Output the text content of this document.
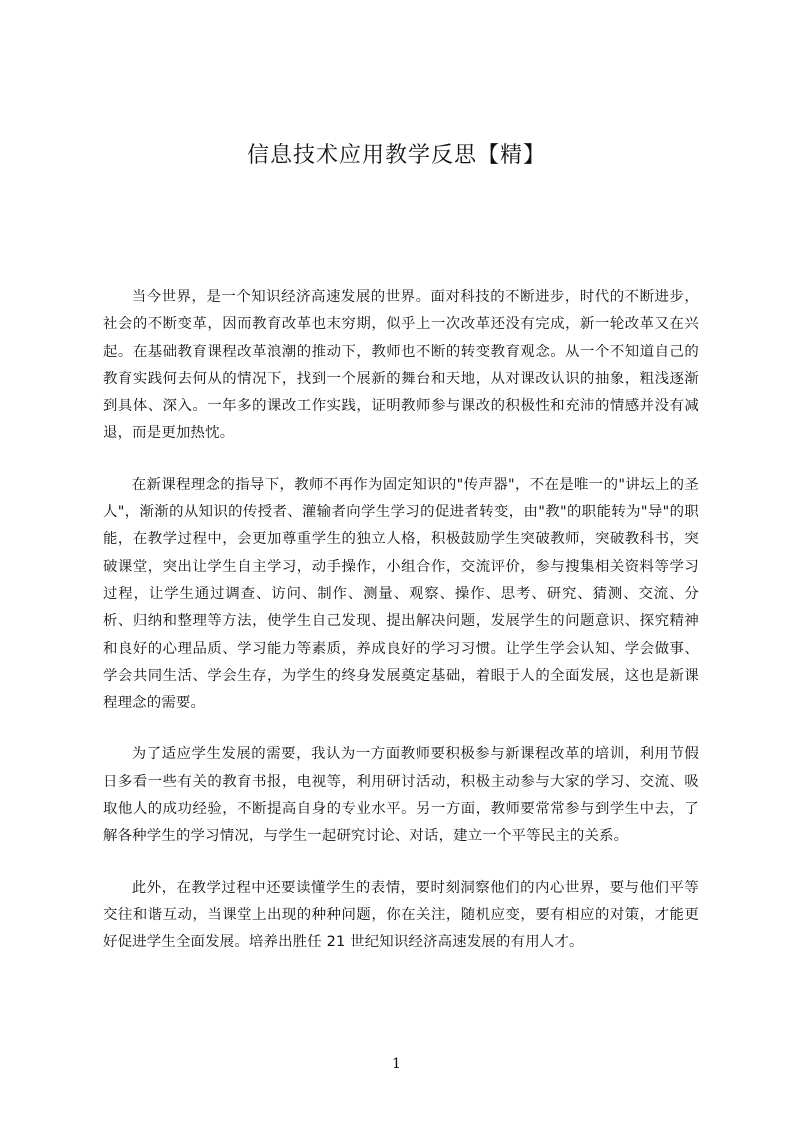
信息技术应用教学反思【精】

当今世界，是一个知识经济高速发展的世界。面对科技的不断进步，时代的不断进步，社会的不断变革，因而教育改革也末穷期，似乎上一次改革还没有完成，新一轮改革又在兴起。在基础教育课程改革浪潮的推动下，教师也不断的转变教育观念。从一个不知道自己的教育实践何去何从的情况下，找到一个展新的舞台和天地，从对课改认识的抽象，粗浅逐渐到具体、深入。一年多的课改工作实践，证明教师参与课改的积极性和充沛的情感并没有减退，而是更加热忱。

在新课程理念的指导下，教师不再作为固定知识的"传声器"，不在是唯一的"讲坛上的圣人"，渐渐的从知识的传授者、灌输者向学生学习的促进者转变，由"教"的职能转为"导"的职能，在教学过程中，会更加尊重学生的独立人格，积极鼓励学生突破教师，突破教科书，突破课堂，突出让学生自主学习，动手操作，小组合作，交流评价，参与搜集相关资料等学习过程，让学生通过调查、访问、制作、测量、观察、操作、思考、研究、猜测、交流、分析、归纳和整理等方法，使学生自己发现、提出解决问题，发展学生的问题意识、探究精神和良好的心理品质、学习能力等素质，养成良好的学习习惯。让学生学会认知、学会做事、学会共同生活、学会生存，为学生的终身发展奠定基础，着眼于人的全面发展，这也是新课程理念的需要。

为了适应学生发展的需要，我认为一方面教师要积极参与新课程改革的培训，利用节假日多看一些有关的教育书报，电视等，利用研讨活动，积极主动参与大家的学习、交流、吸取他人的成功经验，不断提高自身的专业水平。另一方面，教师要常常参与到学生中去，了解各种学生的学习情况，与学生一起研究讨论、对话，建立一个平等民主的关系。

此外，在教学过程中还要读懂学生的表情，要时刻洞察他们的内心世界，要与他们平等交往和谐互动，当课堂上出现的种种问题，你在关注，随机应变，要有相应的对策，才能更好促进学生全面发展。培养出胜任 21 世纪知识经济高速发展的有用人才。

1
